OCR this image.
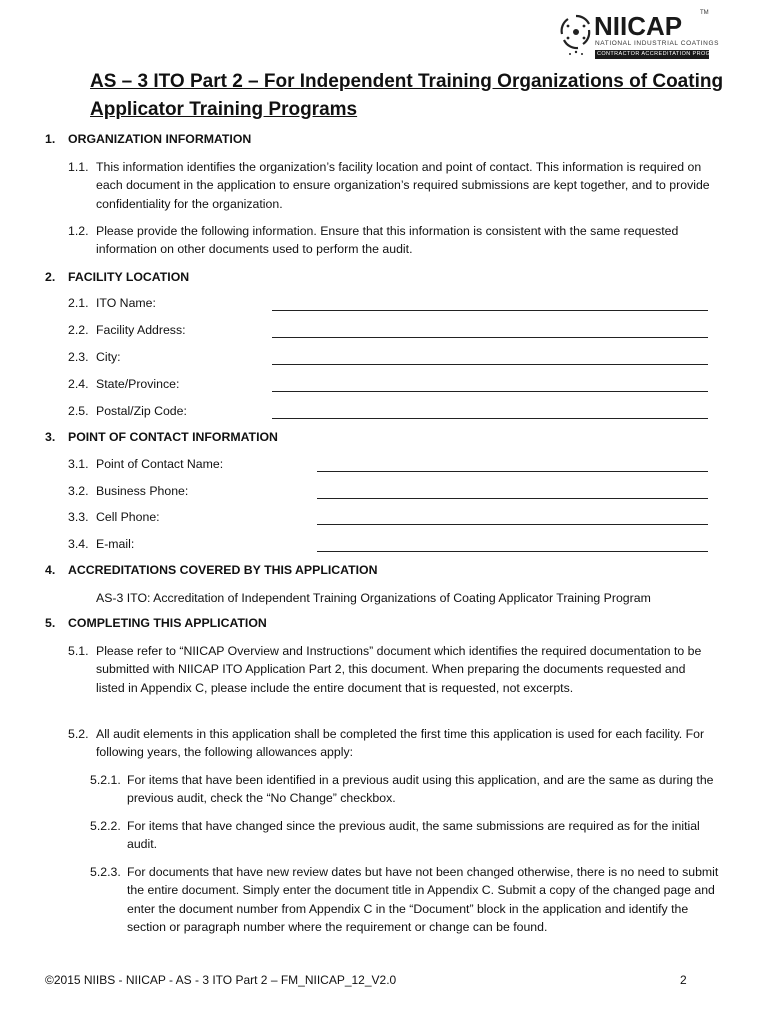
NIICAP	TM
NATIONAL INDUSTRIAL COATINGS
CONTRACTOR ACCREDITATION PROGRAM
AS – 3 ITO Part 2 – For Independent Training Organizations of Coating Applicator Training Programs
1. ORGANIZATION INFORMATION
1.1. This information identifies the organization’s facility location and point of contact. This information is required on each document in the application to ensure organization’s required submissions are kept together, and to provide confidentiality for the organization.
1.2. Please provide the following information. Ensure that this information is consistent with the same requested information on other documents used to perform the audit.
2. FACILITY LOCATION
2.1. ITO Name:
2.2. Facility Address:
2.3. City:
2.4. State/Province:
2.5. Postal/Zip Code:
3. POINT OF CONTACT INFORMATION
3.1. Point of Contact Name:
3.2. Business Phone:
3.3. Cell Phone:
3.4. E-mail:
4. ACCREDITATIONS COVERED BY THIS APPLICATION
AS-3 ITO: Accreditation of Independent Training Organizations of Coating Applicator Training Program
5. COMPLETING THIS APPLICATION
5.1. Please refer to “NIICAP Overview and Instructions” document which identifies the required documentation to be submitted with NIICAP ITO Application Part 2, this document. When preparing the documents requested and listed in Appendix C, please include the entire document that is requested, not excerpts.
5.2. All audit elements in this application shall be completed the first time this application is used for each facility. For following years, the following allowances apply:
5.2.1. For items that have been identified in a previous audit using this application, and are the same as during the previous audit, check the “No Change” checkbox.
5.2.2. For items that have changed since the previous audit, the same submissions are required as for the initial audit.
5.2.3. For documents that have new review dates but have not been changed otherwise, there is no need to submit the entire document. Simply enter the document title in Appendix C. Submit a copy of the changed page and enter the document number from Appendix C in the “Document” block in the application and identify the section or paragraph number where the requirement or change can be found.
©2015 NIIBS - NIICAP - AS - 3 ITO Part 2 – FM_NIICAP_12_V2.0	2
